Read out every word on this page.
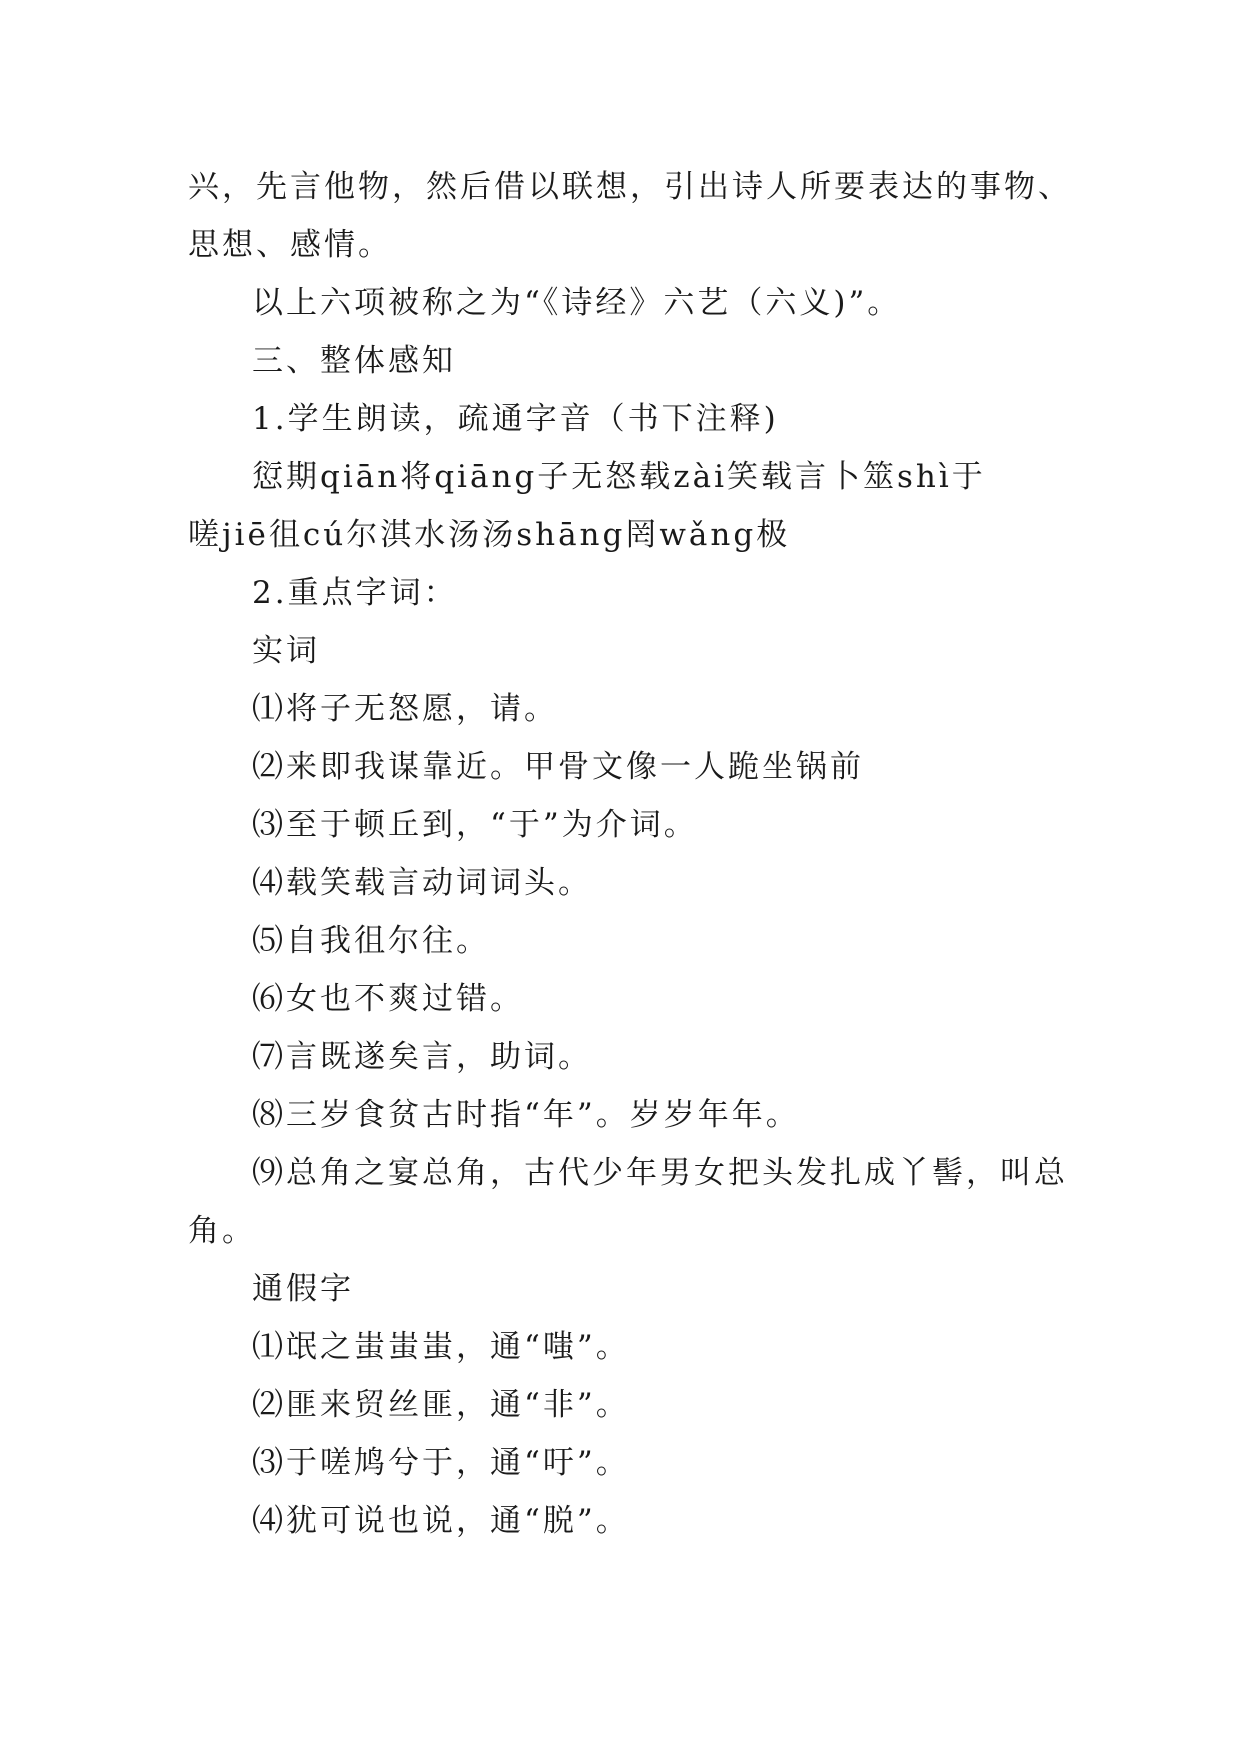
兴，先言他物，然后借以联想，引出诗人所要表达的事物、
思想、感情。
以上六项被称之为“《诗经》六艺（六义)”。
三、整体感知
1.学生朗读，疏通字音（书下注释)
愆期qiān将qiāng子无怒载zài笑载言卜筮shì于
嗟jiē徂cú尔淇水汤汤shāng罔wǎng极
2.重点字词：
实词
⑴将子无怒愿，请。
⑵来即我谋靠近。甲骨文像一人跪坐锅前
⑶至于顿丘到，“于”为介词。
⑷载笑载言动词词头。
⑸自我徂尔往。
⑹女也不爽过错。
⑺言既遂矣言，助词。
⑻三岁食贫古时指“年”。岁岁年年。
⑼总角之宴总角，古代少年男女把头发扎成丫髻，叫总
角。
通假字
⑴氓之蚩蚩蚩，通“嗤”。
⑵匪来贸丝匪，通“非”。
⑶于嗟鸠兮于，通“吁”。
⑷犹可说也说，通“脱”。
